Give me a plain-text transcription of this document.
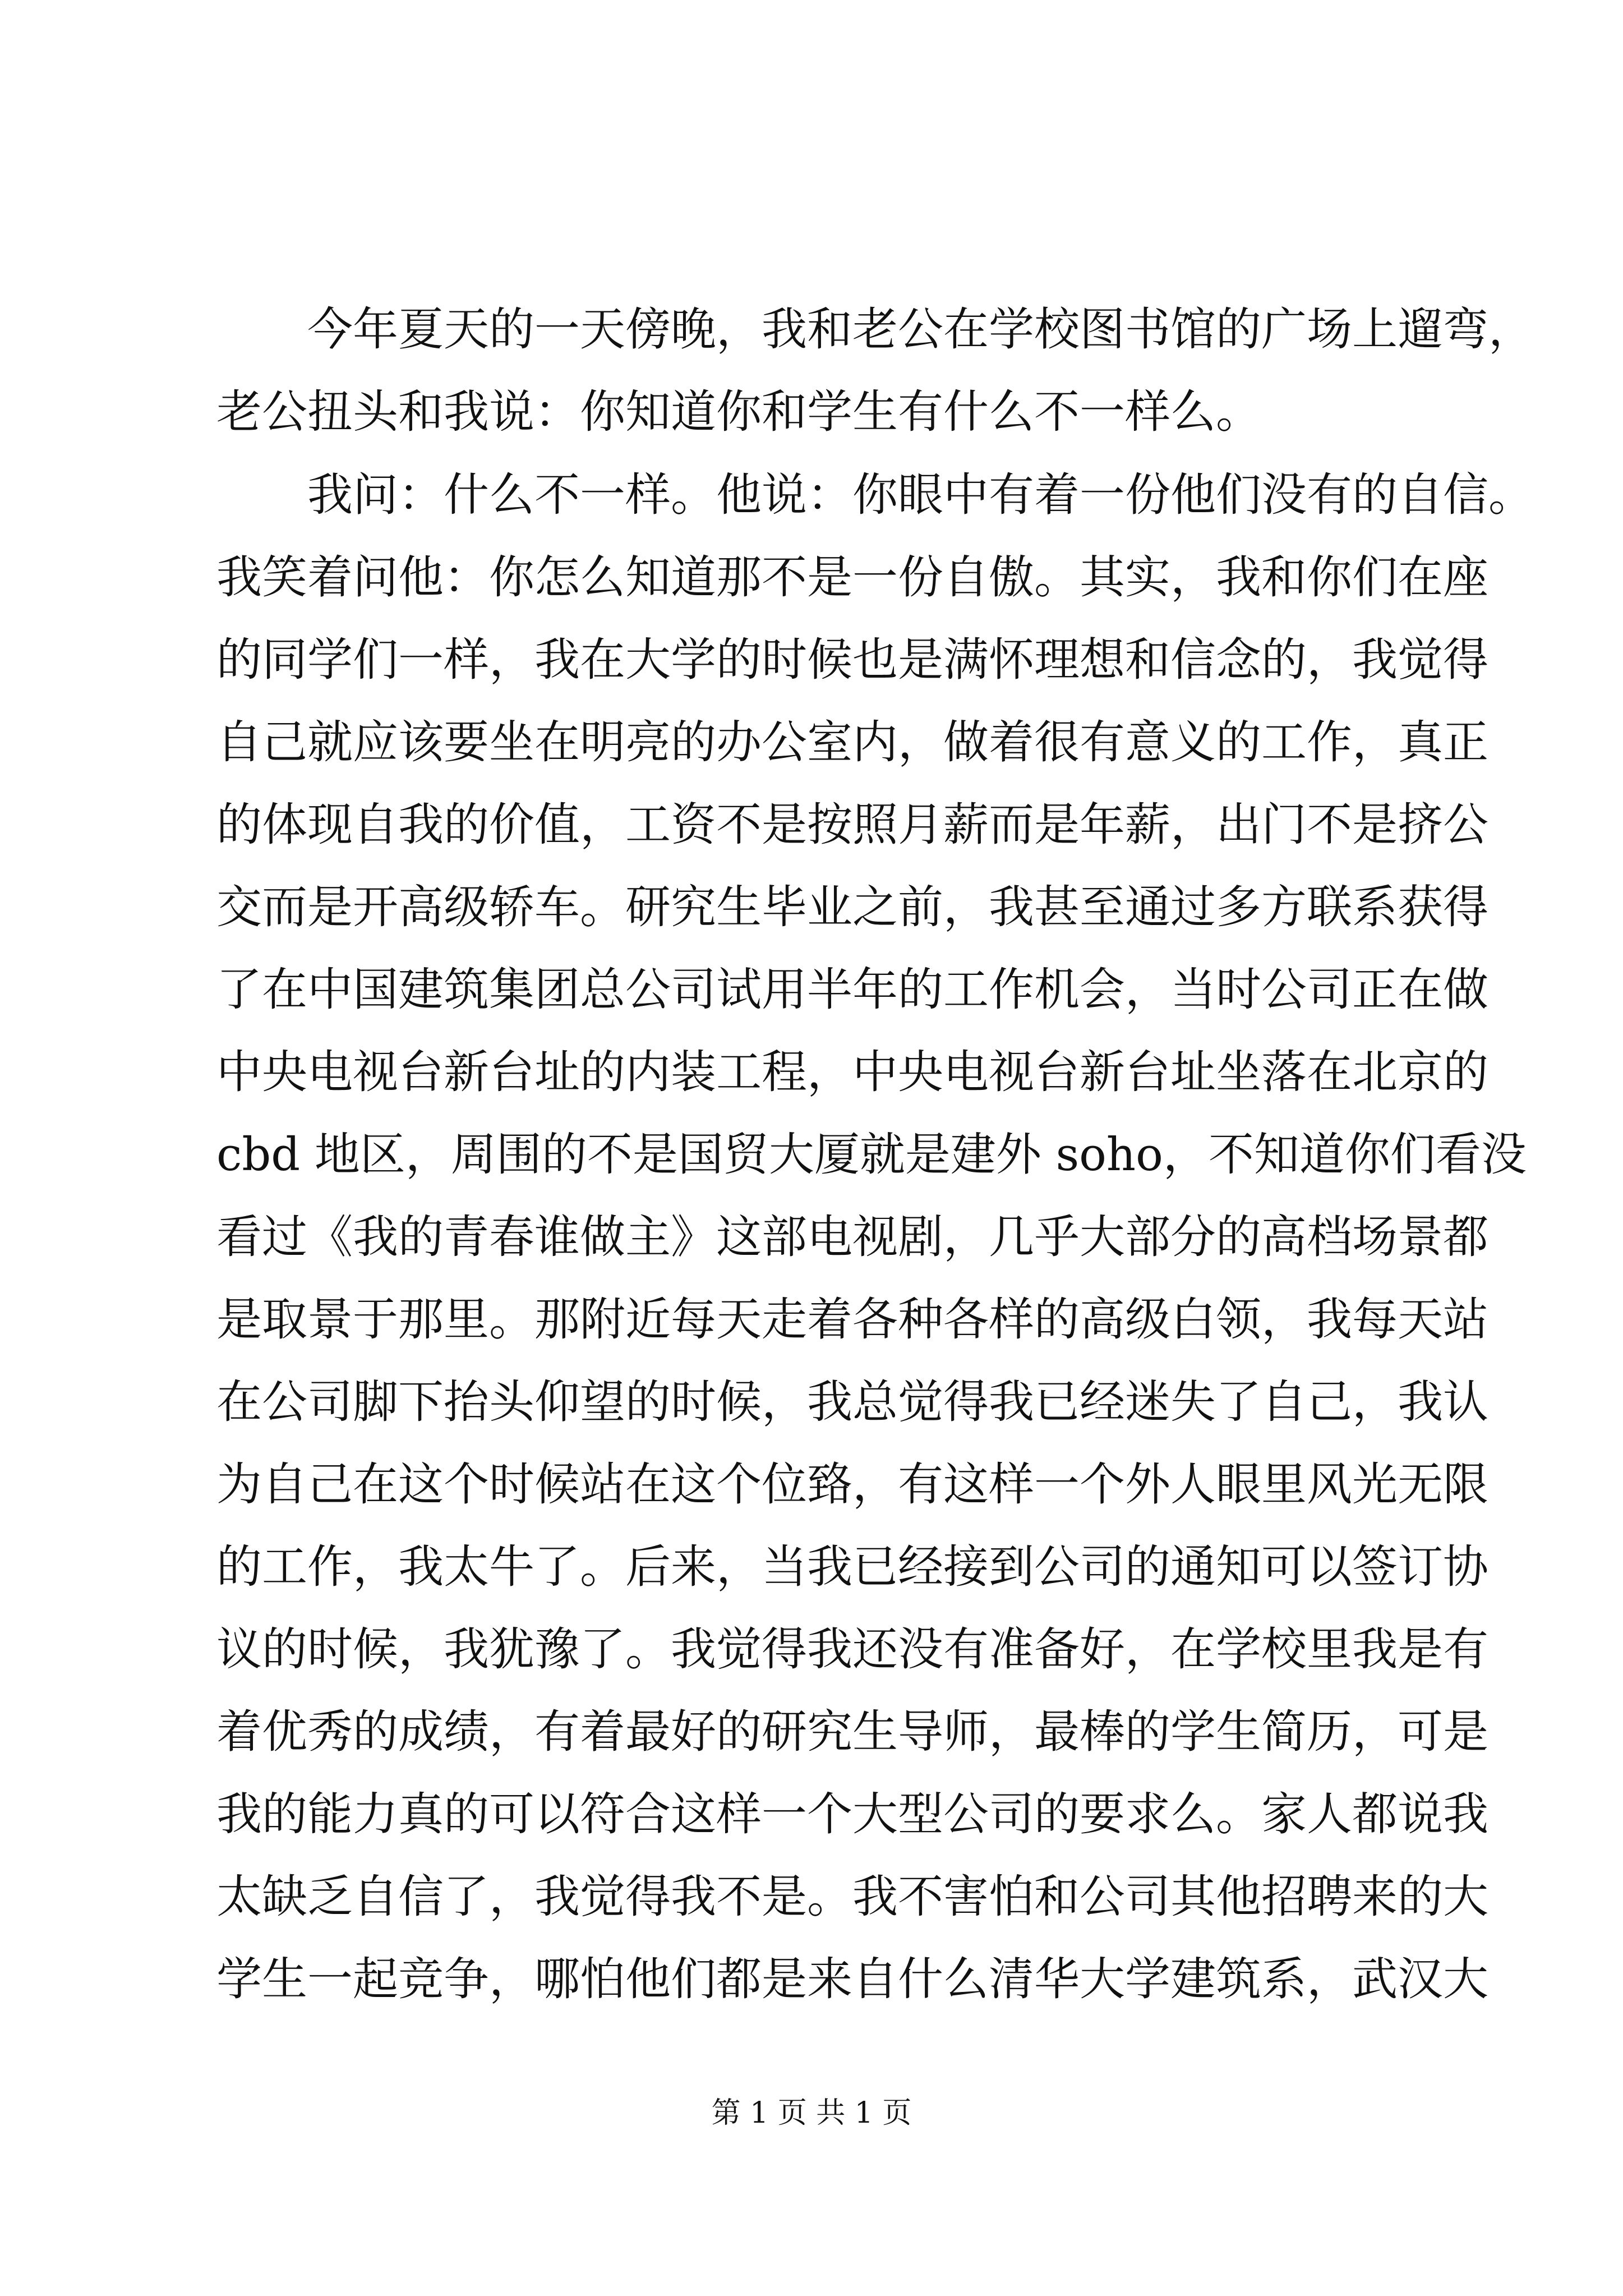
今年夏天的一天傍晚，我和老公在学校图书馆的广场上遛弯，
老公扭头和我说：你知道你和学生有什么不一样么。
我问：什么不一样。他说：你眼中有着一份他们没有的自信。
我笑着问他：你怎么知道那不是一份自傲。其实，我和你们在座
的同学们一样，我在大学的时候也是满怀理想和信念的，我觉得
自己就应该要坐在明亮的办公室内，做着很有意义的工作，真正
的体现自我的价值，工资不是按照月薪而是年薪，出门不是挤公
交而是开高级轿车。研究生毕业之前，我甚至通过多方联系获得
了在中国建筑集团总公司试用半年的工作机会，当时公司正在做
中央电视台新台址的内装工程，中央电视台新台址坐落在北京的
cbd 地区，周围的不是国贸大厦就是建外 soho，不知道你们看没
看过《我的青春谁做主》这部电视剧，几乎大部分的高档场景都
是取景于那里。那附近每天走着各种各样的高级白领，我每天站
在公司脚下抬头仰望的时候，我总觉得我已经迷失了自己，我认
为自己在这个时候站在这个位臵，有这样一个外人眼里风光无限
的工作，我太牛了。后来，当我已经接到公司的通知可以签订协
议的时候，我犹豫了。我觉得我还没有准备好，在学校里我是有
着优秀的成绩，有着最好的研究生导师，最棒的学生简历，可是
我的能力真的可以符合这样一个大型公司的要求么。家人都说我
太缺乏自信了，我觉得我不是。我不害怕和公司其他招聘来的大
学生一起竞争，哪怕他们都是来自什么清华大学建筑系，武汉大
第 1 页 共 1 页
